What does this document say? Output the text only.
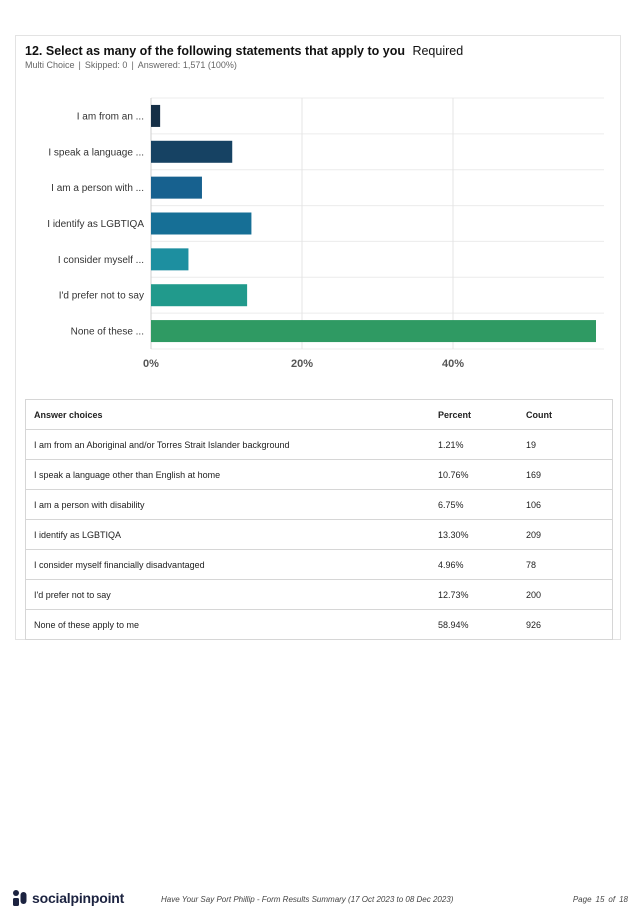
12. Select as many of the following statements that apply to you Required
Multi Choice | Skipped: 0 | Answered: 1,571 (100%)
I am from an ...
I speak a language ...
I am a person with ...
I identify as LGBTIQA
I consider myself ...
I'd prefer not to say
None of these ...
0%	20%	40%
Answer choices	Percent	Count
I am from an Aboriginal and/or Torres Strait Islander background	1.21%	19
I speak a language other than English at home	10.76%	169
I am a person with disability	6.75%	106
I identify as LGBTIQA	13.30%	209
I consider myself financially disadvantaged	4.96%	78
I'd prefer not to say	12.73%	200
None of these apply to me	58.94%	926
socialpinpoint	Have Your Say Port Phillip - Form Results Summary (17 Oct 2023 to 08 Dec 2023)	Page 15 of 18
